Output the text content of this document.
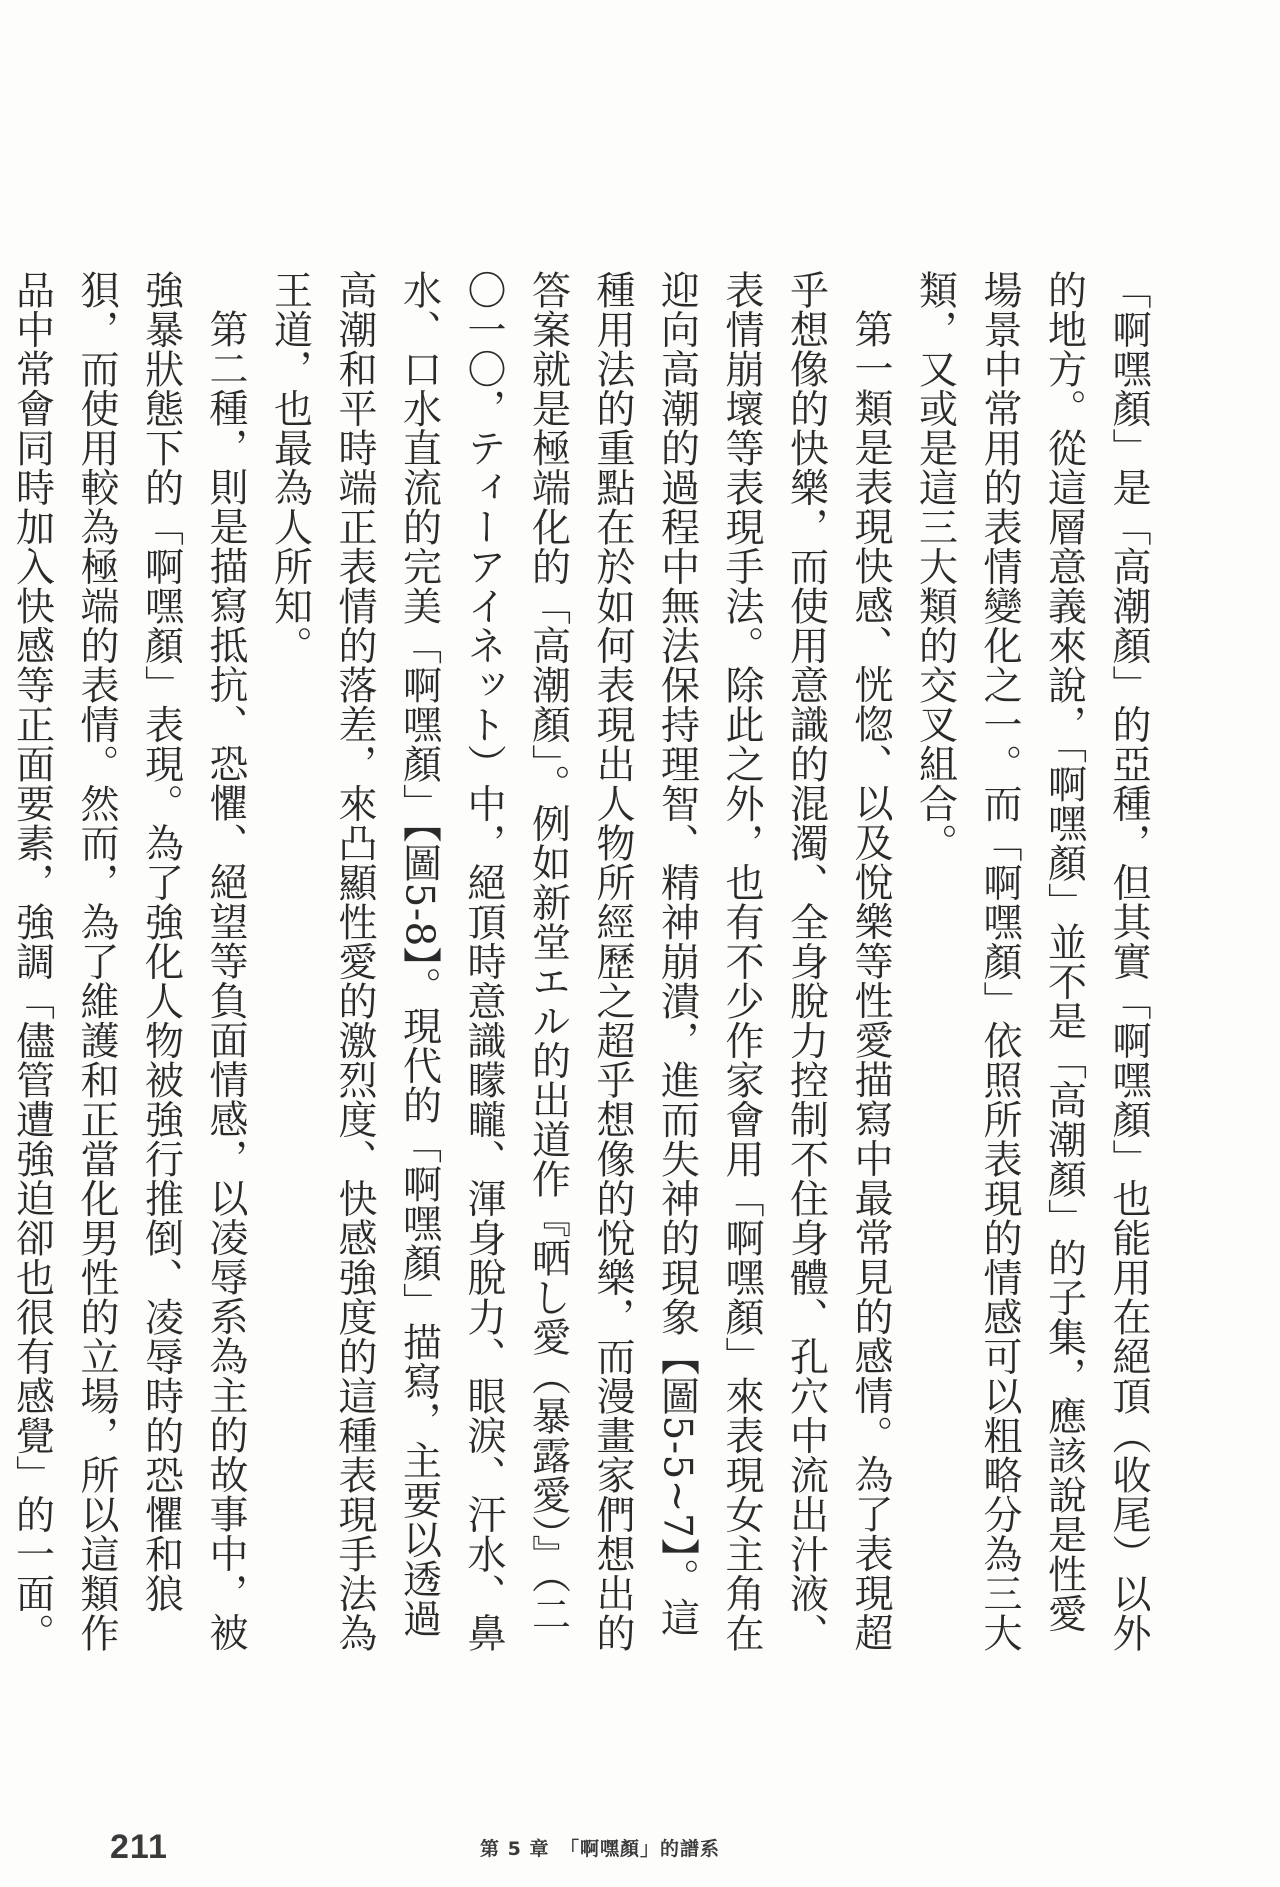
「啊嘿顏」是「高潮顏」的亞種，但其實「啊嘿顏」也能用在絕頂（收尾）以外的地方。從這層意義來說，「啊嘿顏」並不是「高潮顏」的子集，應該說是性愛場景中常用的表情變化之一。而「啊嘿顏」依照所表現的情感可以粗略分為三大類，又或是這三大類的交叉組合。

第一類是表現快感、恍惚、以及悅樂等性愛描寫中最常見的感情。為了表現超乎想像的快樂，而使用意識的混濁、全身脫力控制不住身體、孔穴中流出汁液、表情崩壞等表現手法。除此之外，也有不少作家會用「啊嘿顏」來表現女主角在迎向高潮的過程中無法保持理智、精神崩潰，進而失神的現象【圖5-5~7】。這種用法的重點在於如何表現出人物所經歷之超乎想像的悅樂，而漫畫家們想出的答案就是極端化的「高潮顏」。例如新堂エル的出道作『晒し愛（暴露愛）』（二〇一〇，ティーアイネット）中，絕頂時意識矇矓、渾身脫力、眼淚、汗水、鼻水、口水直流的完美「啊嘿顏」【圖5-8】。現代的「啊嘿顏」描寫，主要以透過高潮和平時端正表情的落差，來凸顯性愛的激烈度、快感強度的這種表現手法為王道，也最為人所知。

第二種，則是描寫抵抗、恐懼、絕望等負面情感，以凌辱系為主的故事中，被強暴狀態下的「啊嘿顏」表現。為了強化人物被強行推倒、凌辱時的恐懼和狼狽，而使用較為極端的表情。然而，為了維護和正當化男性的立場，所以這類作品中常會同時加入快感等正面要素，強調「儘管遭強迫卻也很有感覺」的一面。

211	第 5 章　「啊嘿顏」的譜系
